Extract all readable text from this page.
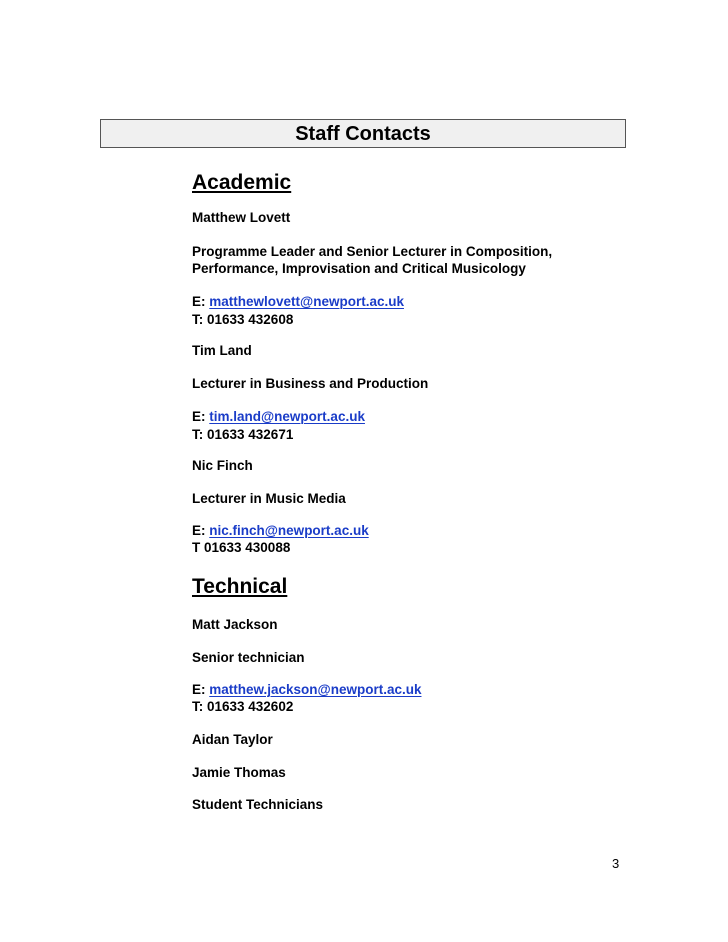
Staff Contacts
Academic
Matthew Lovett
Programme Leader and Senior Lecturer in Composition,
Performance, Improvisation and Critical Musicology
E: matthewlovett@newport.ac.uk
T: 01633 432608
Tim Land
Lecturer in Business and Production
E: tim.land@newport.ac.uk
T: 01633 432671
Nic Finch
Lecturer in Music Media
E: nic.finch@newport.ac.uk
T 01633 430088
Technical
Matt Jackson
Senior technician
E: matthew.jackson@newport.ac.uk
T: 01633 432602
Aidan Taylor
Jamie Thomas
Student Technicians
3
